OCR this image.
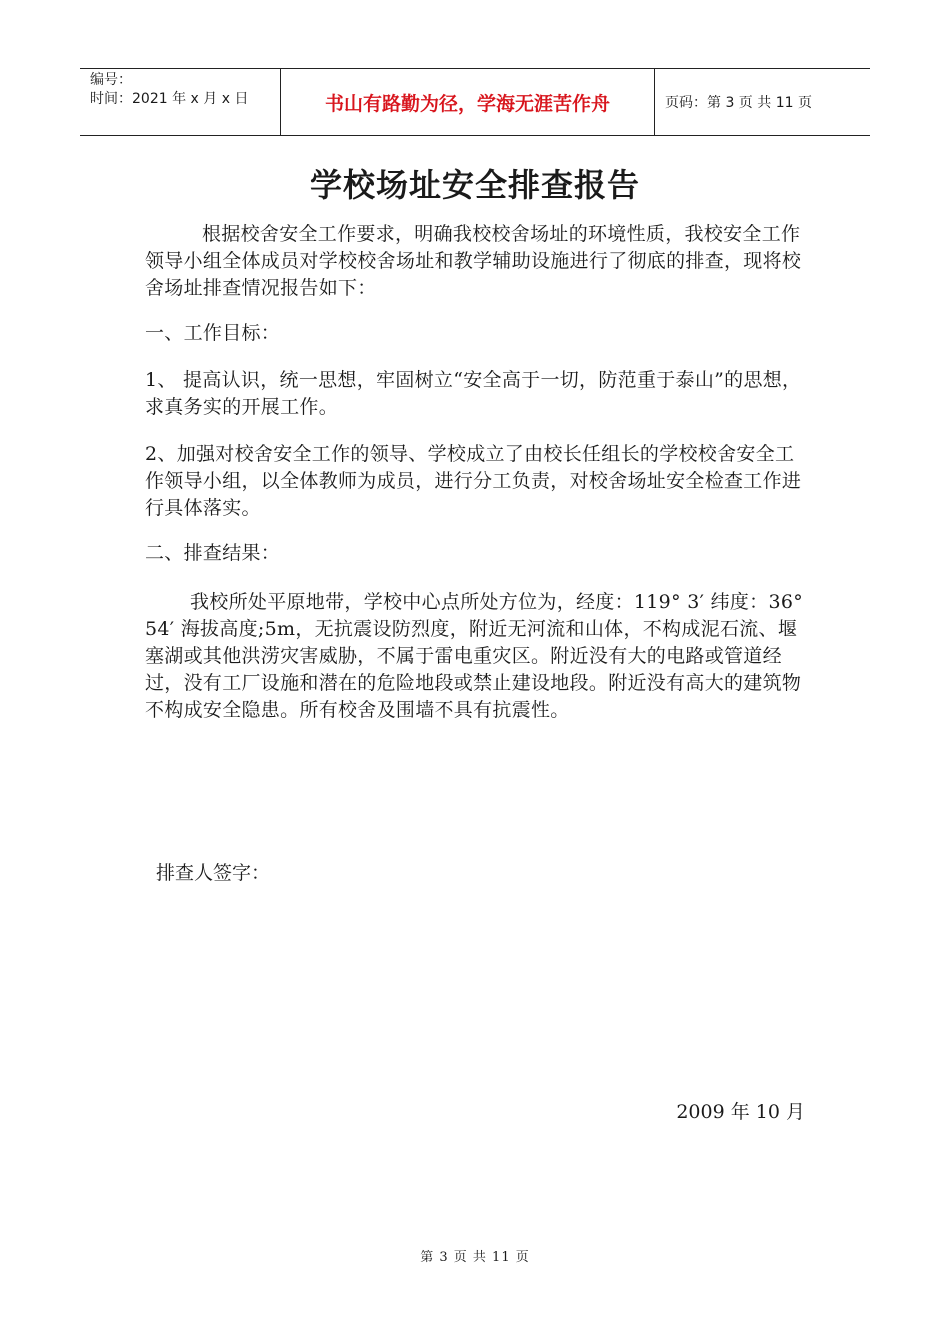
编号：
时间：2021 年 x 月 x 日	书山有路勤为径，学海无涯苦作舟	页码：第 3 页 共 11 页
学校场址安全排查报告
根据校舍安全工作要求，明确我校校舍场址的环境性质，我校安全工作领导小组全体成员对学校校舍场址和教学辅助设施进行了彻底的排查，现将校舍场址排查情况报告如下：
一、工作目标：
1、 提高认识，统一思想，牢固树立“安全高于一切，防范重于泰山”的思想，求真务实的开展工作。
2、加强对校舍安全工作的领导、学校成立了由校长任组长的学校校舍安全工作领导小组，以全体教师为成员，进行分工负责，对校舍场址安全检查工作进行具体落实。
二、排查结果：
我校所处平原地带，学校中心点所处方位为，经度：119° 3′ 纬度：36° 54′ 海拔高度;5m，无抗震设防烈度，附近无河流和山体，不构成泥石流、堰塞湖或其他洪涝灾害威胁，不属于雷电重灾区。附近没有大的电路或管道经过，没有工厂设施和潜在的危险地段或禁止建设地段。附近没有高大的建筑物不构成安全隐患。所有校舍及围墙不具有抗震性。
排查人签字：
2009 年 10 月
第 3 页 共 11 页
